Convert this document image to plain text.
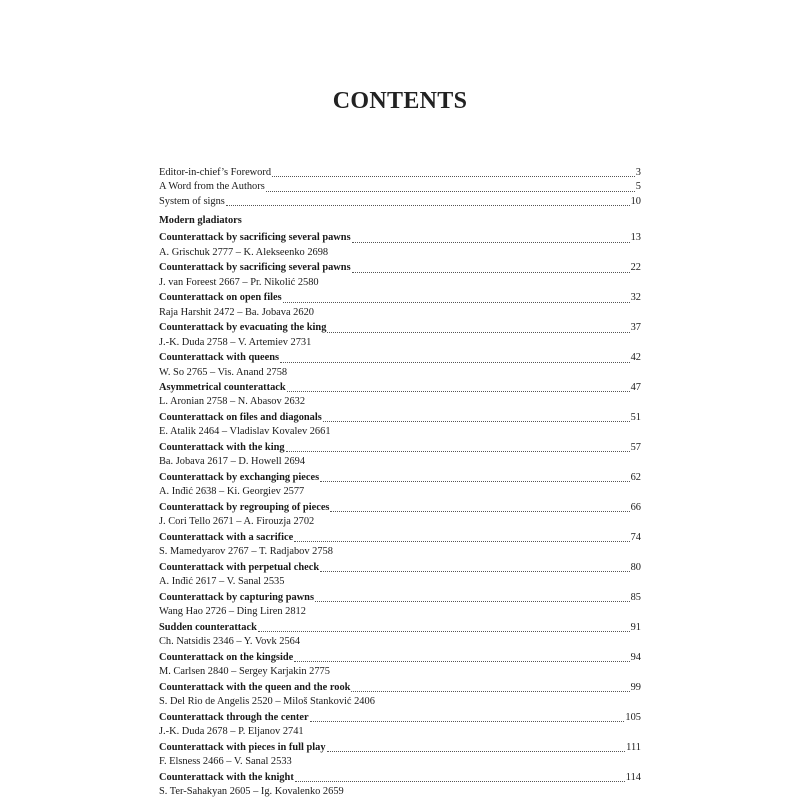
CONTENTS
Editor-in-chief’s Foreword	3
A Word from the Authors	5
System of signs	10
Modern gladiators
Counterattack by sacrificing several pawns	13
A. Grischuk 2777 – K. Alekseenko 2698
Counterattack by sacrificing several pawns	22
J. van Foreest 2667 – Pr. Nikolić 2580
Counterattack on open files	32
Raja Harshit 2472 – Ba. Jobava 2620
Counterattack by evacuating the king	37
J.-K. Duda 2758 – V. Artemiev 2731
Counterattack with queens	42
W. So 2765 – Vis. Anand 2758
Asymmetrical counterattack	47
L. Aronian 2758 – N. Abasov 2632
Counterattack on files and diagonals	51
E. Atalik 2464 – Vladislav Kovalev 2661
Counterattack with the king	57
Ba. Jobava 2617 – D. Howell 2694
Counterattack by exchanging pieces	62
A. Inđić 2638 – Ki. Georgiev 2577
Counterattack by regrouping of pieces	66
J. Cori Tello 2671 – A. Firouzja 2702
Counterattack with a sacrifice	74
S. Mamedyarov 2767 – T. Radjabov 2758
Counterattack with perpetual check	80
A. Inđić 2617 – V. Sanal 2535
Counterattack by capturing pawns	85
Wang Hao 2726 – Ding Liren 2812
Sudden counterattack	91
Ch. Natsidis 2346 – Y. Vovk 2564
Counterattack on the kingside	94
M. Carlsen 2840 – Sergey Karjakin 2775
Counterattack with the queen and the rook	99
S. Del Rio de Angelis 2520 – Miloš Stanković 2406
Counterattack through the center	105
J.-K. Duda 2678 – P. Eljanov 2741
Counterattack with pieces in full play	111
F. Elsness 2466 – V. Sanal 2533
Counterattack with the knight	114
S. Ter-Sahakyan 2605 – Ig. Kovalenko 2659
